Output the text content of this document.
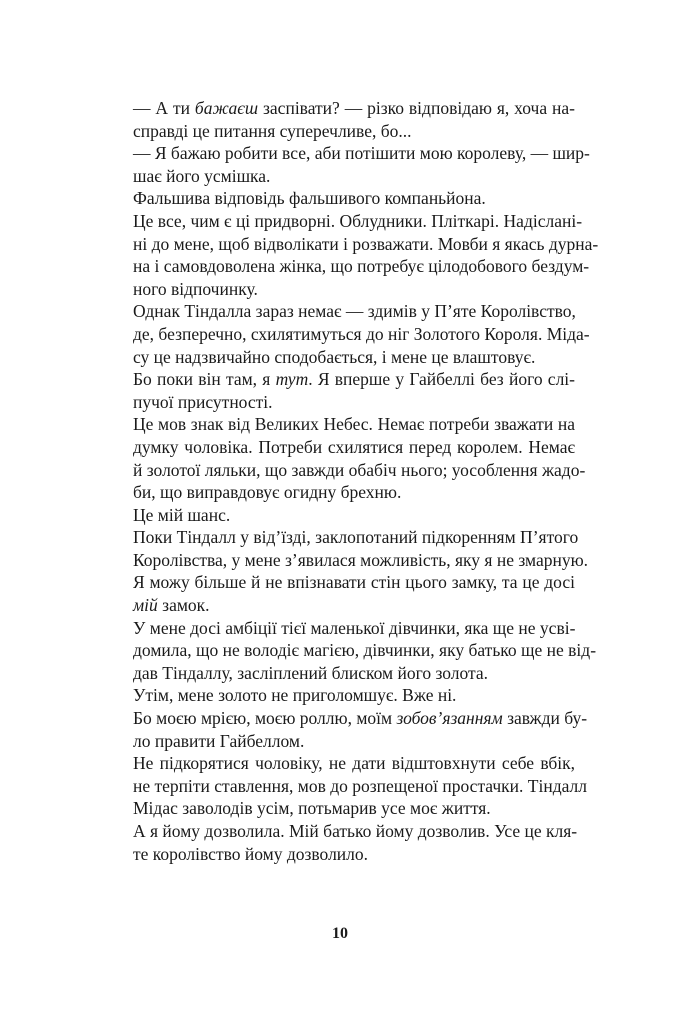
— А ти бажаєш заспівати? — різко відповідаю я, хоча на-
справді це питання суперечливе, бо...

— Я бажаю робити все, аби потішити мою королеву, — шир-
шає його усмішка.

Фальшива відповідь фальшивого компаньйона.

Це все, чим є ці придворні. Облудники. Пліткарі. Надіслані-
ні до мене, щоб відволікати і розважати. Мовби я якась дурна-
на і самовдоволена жінка, що потребує цілодобового бездум-
ного відпочинку.

Однак Тіндалла зараз немає — здимів у П’яте Королівство,
де, безперечно, схилятимуться до ніг Золотого Короля. Міда-
су це надзвичайно сподобається, і мене це влаштовує.

Бо поки він там, я тут. Я вперше у Гайбеллі без його слі-
пучої присутності.

Це мов знак від Великих Небес. Немає потреби зважати на
думку чоловіка. Потреби схилятися перед королем. Немає
й золотої ляльки, що завжди обабіч нього; уособлення жадо-
би, що виправдовує огидну брехню.

Це мій шанс.

Поки Тіндалл у від’їзді, заклопотаний підкоренням П’ятого
Королівства, у мене з’явилася можливість, яку я не змарную.

Я можу більше й не впізнавати стін цього замку, та це досі
мій замок.

У мене досі амбіції тієї маленької дівчинки, яка ще не усві-
домила, що не володіє магією, дівчинки, яку батько ще не від-
дав Тіндаллу, засліплений блиском його золота.

Утім, мене золото не приголомшує. Вже ні.

Бо моєю мрією, моєю роллю, моїм зобов’язанням завжди бу-
ло правити Гайбеллом.

Не підкорятися чоловіку, не дати відштовхнути себе вбік,
не терпіти ставлення, мов до розпещеної простачки. Тіндалл
Мідас заволодів усім, потьмарив усе моє життя.

А я йому дозволила. Мій батько йому дозволив. Усе це кля-
те королівство йому дозволило.

10
